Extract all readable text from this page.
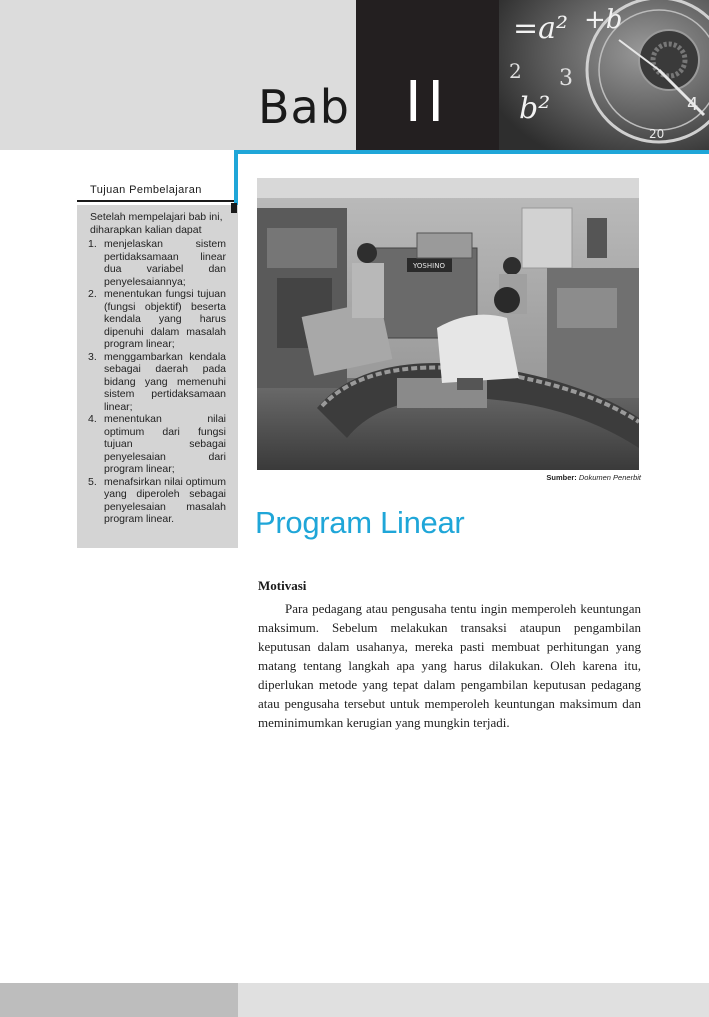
Bab II
=a² +b
b²
3
2
4
20
Tujuan Pembelajaran
Setelah mempelajari bab ini, diharapkan kalian dapat
1. menjelaskan sistem pertidaksamaan linear dua variabel dan penyelesaiannya;
2. menentukan fungsi tujuan (fungsi objektif) beserta kendala yang harus dipenuhi dalam masalah program linear;
3. menggambarkan kendala sebagai daerah pada bidang yang memenuhi sistem pertidaksamaan linear;
4. menentukan nilai optimum dari fungsi tujuan sebagai penyelesaian dari program linear;
5. menafsirkan nilai optimum yang diperoleh sebagai penyelesaian masalah program linear.
YOSHINO
Sumber: Dokumen Penerbit
Program Linear
Motivasi

Para pedagang atau pengusaha tentu ingin memperoleh keuntungan maksimum. Sebelum melakukan transaksi ataupun pengambilan keputusan dalam usahanya, mereka pasti membuat perhitungan yang matang tentang langkah apa yang harus dilakukan. Oleh karena itu, diperlukan metode yang tepat dalam pengambilan keputusan pedagang atau pengusaha tersebut untuk memperoleh keuntungan maksimum dan meminimumkan kerugian yang mungkin terjadi.
